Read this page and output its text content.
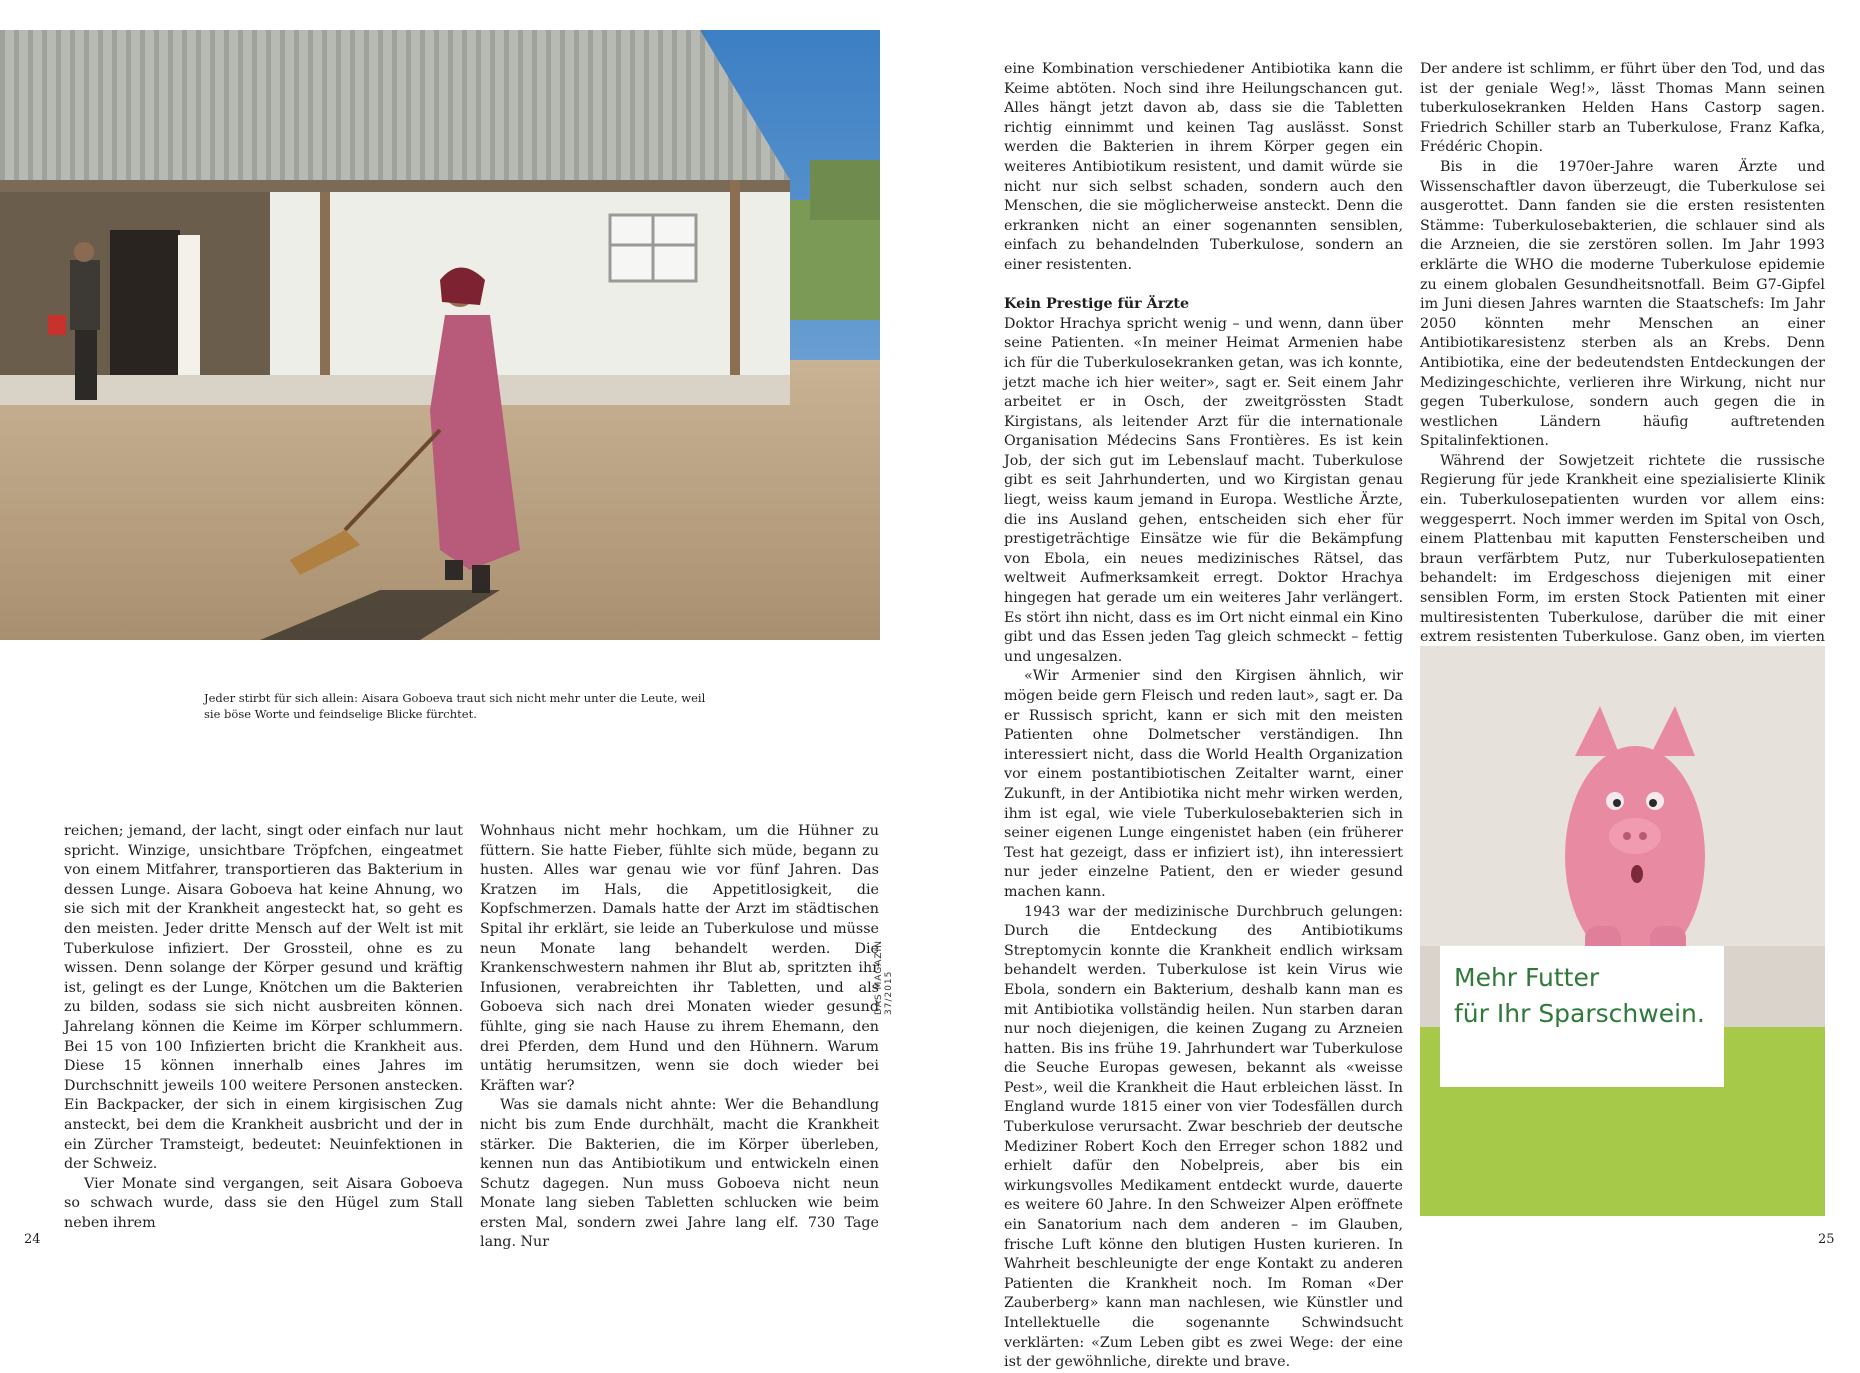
Jeder stirbt für sich allein: Aisara Goboeva traut sich nicht mehr unter die Leute, weil sie böse Worte und feindselige Blicke fürchtet.

reichen; jemand, der lacht, singt oder einfach nur laut spricht. Winzige, unsichtbare Tröpfchen, eingeatmet von einem Mitfahrer, transportieren das Bakterium in dessen Lunge. Aisara Goboeva hat keine Ahnung, wo sie sich mit der Krankheit angesteckt hat, so geht es den meisten. Jeder dritte Mensch auf der Welt ist mit Tuberkulose infiziert. Der Grossteil, ohne es zu wissen. Denn solange der Körper gesund und kräftig ist, gelingt es der Lunge, Knötchen um die Bakterien zu bilden, sodass sie sich nicht ausbreiten können. Jahrelang können die Keime im Körper schlummern. Bei 15 von 100 Infizierten bricht die Krankheit aus. Diese 15 können innerhalb eines Jahres im Durchschnitt jeweils 100 weitere Personen anstecken. Ein Backpacker, der sich in einem kirgisischen Zug ansteckt, bei dem die Krankheit ausbricht und der in ein Zürcher Tramsteigt, bedeutet: Neuinfektionen in der Schweiz.

Vier Monate sind vergangen, seit Aisara Goboeva so schwach wurde, dass sie den Hügel zum Stall neben ihrem

Wohnhaus nicht mehr hochkam, um die Hühner zu füttern. Sie hatte Fieber, fühlte sich müde, begann zu husten. Alles war genau wie vor fünf Jahren. Das Kratzen im Hals, die Appetitlosigkeit, die Kopfschmerzen. Damals hatte der Arzt im städtischen Spital ihr erklärt, sie leide an Tuberkulose und müsse neun Monate lang behandelt werden. Die Krankenschwestern nahmen ihr Blut ab, spritzten ihr Infusionen, verabreichten ihr Tabletten, und als Goboeva sich nach drei Monaten wieder gesund fühlte, ging sie nach Hause zu ihrem Ehemann, den drei Pferden, dem Hund und den Hühnern. Warum untätig herumsitzen, wenn sie doch wieder bei Kräften war?

Was sie damals nicht ahnte: Wer die Behandlung nicht bis zum Ende durchhält, macht die Krankheit stärker. Die Bakterien, die im Körper überleben, kennen nun das Antibiotikum und entwickeln einen Schutz dagegen. Nun muss Goboeva nicht neun Monate lang sieben Tabletten schlucken wie beim ersten Mal, sondern zwei Jahre lang elf. 730 Tage lang. Nur

DAS MAGAZIN 37/2015

eine Kombination verschiedener Antibiotika kann die Keime abtöten. Noch sind ihre Heilungschancen gut. Alles hängt jetzt davon ab, dass sie die Tabletten richtig einnimmt und keinen Tag auslässt. Sonst werden die Bakterien in ihrem Körper gegen ein weiteres Antibiotikum resistent, und damit würde sie nicht nur sich selbst schaden, sondern auch den Menschen, die sie möglicherweise ansteckt. Denn die erkranken nicht an einer sogenannten sensiblen, einfach zu behandelnden Tuberkulose, sondern an einer resistenten.

Kein Prestige für Ärzte

Doktor Hrachya spricht wenig – und wenn, dann über seine Patienten. «In meiner Heimat Armenien habe ich für die Tuberkulosekranken getan, was ich konnte, jetzt mache ich hier weiter», sagt er. Seit einem Jahr arbeitet er in Osch, der zweitgrössten Stadt Kirgistans, als leitender Arzt für die internationale Organisation Médecins Sans Frontières. Es ist kein Job, der sich gut im Lebenslauf macht. Tuberkulose gibt es seit Jahrhunderten, und wo Kirgistan genau liegt, weiss kaum jemand in Europa. Westliche Ärzte, die ins Ausland gehen, entscheiden sich eher für prestigeträchtige Einsätze wie für die Bekämpfung von Ebola, ein neues medizinisches Rätsel, das weltweit Aufmerksamkeit erregt. Doktor Hrachya hingegen hat gerade um ein weiteres Jahr verlängert. Es stört ihn nicht, dass es im Ort nicht einmal ein Kino gibt und das Essen jeden Tag gleich schmeckt – fettig und ungesalzen.

«Wir Armenier sind den Kirgisen ähnlich, wir mögen beide gern Fleisch und reden laut», sagt er. Da er Russisch spricht, kann er sich mit den meisten Patienten ohne Dolmetscher verständigen. Ihn interessiert nicht, dass die World Health Organization vor einem postantibiotischen Zeitalter warnt, einer Zukunft, in der Antibiotika nicht mehr wirken werden, ihm ist egal, wie viele Tuberkulosebakterien sich in seiner eigenen Lunge eingenistet haben (ein früherer Test hat gezeigt, dass er infiziert ist), ihn interessiert nur jeder einzelne Patient, den er wieder gesund machen kann.

1943 war der medizinische Durchbruch gelungen: Durch die Entdeckung des Antibiotikums Streptomycin konnte die Krankheit endlich wirksam behandelt werden. Tuberkulose ist kein Virus wie Ebola, sondern ein Bakterium, deshalb kann man es mit Antibiotika vollständig heilen. Nun starben daran nur noch diejenigen, die keinen Zugang zu Arzneien hatten. Bis ins frühe 19. Jahrhundert war Tuberkulose die Seuche Europas gewesen, bekannt als «weisse Pest», weil die Krankheit die Haut erbleichen lässt. In England wurde 1815 einer von vier Todesfällen durch Tuberkulose verursacht. Zwar beschrieb der deutsche Mediziner Robert Koch den Erreger schon 1882 und erhielt dafür den Nobelpreis, aber bis ein wirkungsvolles Medikament entdeckt wurde, dauerte es weitere 60 Jahre. In den Schweizer Alpen eröffnete ein Sanatorium nach dem anderen – im Glauben, frische Luft könne den blutigen Husten kurieren. In Wahrheit beschleunigte der enge Kontakt zu anderen Patienten die Krankheit noch. Im Roman «Der Zauberberg» kann man nachlesen, wie Künstler und Intellektuelle die sogenannte Schwindsucht verklärten: «Zum Leben gibt es zwei Wege: der eine ist der gewöhnliche, direkte und brave.

Der andere ist schlimm, er führt über den Tod, und das ist der geniale Weg!», lässt Thomas Mann seinen tuberkulosekranken Helden Hans Castorp sagen. Friedrich Schiller starb an Tuberkulose, Franz Kafka, Frédéric Chopin.

Bis in die 1970er-Jahre waren Ärzte und Wissenschaftler davon überzeugt, die Tuberkulose sei ausgerottet. Dann fanden sie die ersten resistenten Stämme: Tuberkulosebakterien, die schlauer sind als die Arzneien, die sie zerstören sollen. Im Jahr 1993 erklärte die WHO die moderne Tuberkulose epidemie zu einem globalen Gesundheitsnotfall. Beim G7-Gipfel im Juni diesen Jahres warnten die Staatschefs: Im Jahr 2050 könnten mehr Menschen an einer Antibiotikaresistenz sterben als an Krebs. Denn Antibiotika, eine der bedeutendsten Entdeckungen der Medizingeschichte, verlieren ihre Wirkung, nicht nur gegen Tuberkulose, sondern auch gegen die in westlichen Ländern häufig auftretenden Spitalinfektionen.

Während der Sowjetzeit richtete die russische Regierung für jede Krankheit eine spezialisierte Klinik ein. Tuberkulosepatienten wurden vor allem eins: weggesperrt. Noch immer werden im Spital von Osch, einem Plattenbau mit kaputten Fensterscheiben und braun verfärbtem Putz, nur Tuberkulosepatienten behandelt: im Erdgeschoss diejenigen mit einer sensiblen Form, im ersten Stock Patienten mit einer multiresistenten Tuberkulose, darüber die mit einer extrem resistenten Tuberkulose. Ganz oben, im vierten

Mehr Futter
für Ihr Sparschwein.
24	25
